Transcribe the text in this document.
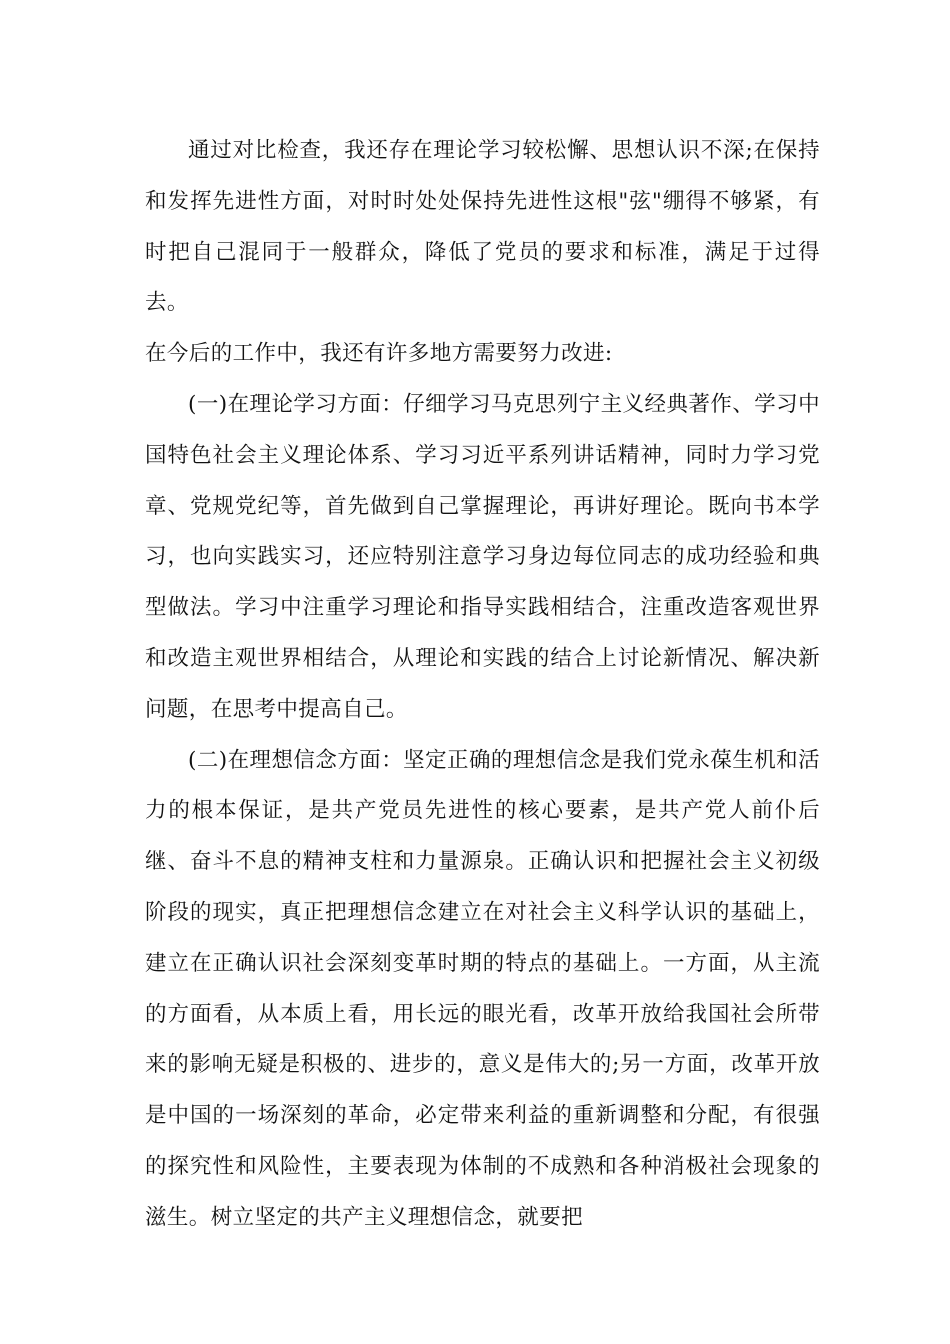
通过对比检查，我还存在理论学习较松懈、思想认识不深;在保持和发挥先进性方面，对时时处处保持先进性这根"弦"绷得不够紧，有时把自己混同于一般群众，降低了党员的要求和标准，满足于过得去。

在今后的工作中，我还有许多地方需要努力改进:

(一)在理论学习方面：仔细学习马克思列宁主义经典著作、学习中国特色社会主义理论体系、学习习近平系列讲话精神，同时力学习党章、党规党纪等，首先做到自己掌握理论，再讲好理论。既向书本学习，也向实践实习，还应特别注意学习身边每位同志的成功经验和典型做法。学习中注重学习理论和指导实践相结合，注重改造客观世界和改造主观世界相结合，从理论和实践的结合上讨论新情况、解决新问题，在思考中提高自己。

(二)在理想信念方面：坚定正确的理想信念是我们党永葆生机和活力的根本保证，是共产党员先进性的核心要素，是共产党人前仆后继、奋斗不息的精神支柱和力量源泉。正确认识和把握社会主义初级阶段的现实，真正把理想信念建立在对社会主义科学认识的基础上，建立在正确认识社会深刻变革时期的特点的基础上。一方面，从主流的方面看，从本质上看，用长远的眼光看，改革开放给我国社会所带来的影响无疑是积极的、进步的，意义是伟大的;另一方面，改革开放是中国的一场深刻的革命，必定带来利益的重新调整和分配，有很强的探究性和风险性，主要表现为体制的不成熟和各种消极社会现象的滋生。树立坚定的共产主义理想信念，就要把
